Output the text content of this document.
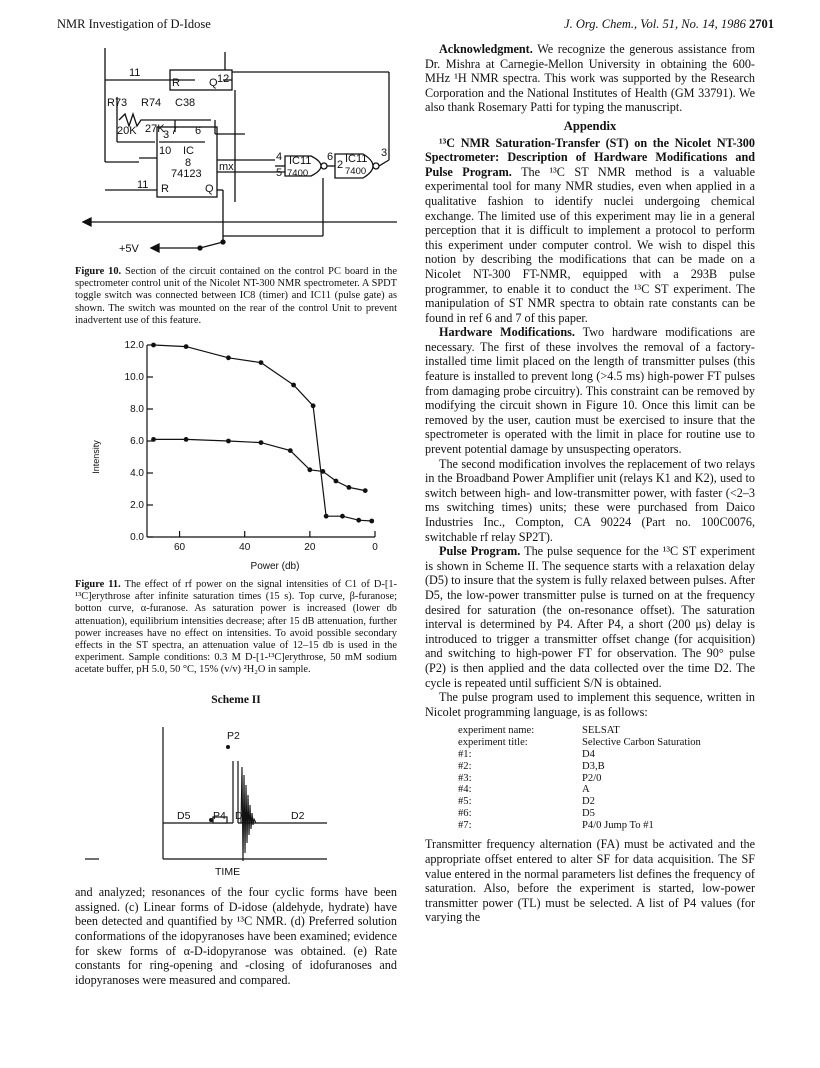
NMR Investigation of D-Idose	J. Org. Chem., Vol. 51, No. 14, 1986 2701
11
R	Q 12
R73 R74 C38
20K 27K 7 6
3
10 IC
8
74123
mx
11 R	Q
4
5
IC11
7400
6
2 IC11
7400
3
+5V

Figure 10. Section of the circuit contained on the control PC board in the spectrometer control unit of the Nicolet NT-300 NMR spectrometer. A SPDT toggle switch was connected between IC8 (timer) and IC11 (pulse gate) as shown. The switch was mounted on the rear of the control Unit to prevent inadvertent use of this feature.

0.0
2.0
4.0
6.0
8.0
10.0
12.0
60	40	20	0
Power (db)
Intensity

Figure 11. The effect of rf power on the signal intensities of C1 of D-[1-¹³C]erythrose after infinite saturation times (15 s). Top curve, β-furanose; botton curve, α-furanose. As saturation power is increased (lower db attenuation), equilibrium intensities decrease; after 15 dB attenuation, further power increases have no effect on intensities. To avoid possible secondary effects in the ST spectra, an attenuation value of 12–15 db is used in the experiment. Sample conditions: 0.3 M D-[1-¹³C]erythrose, 50 mM sodium acetate buffer, pH 5.0, 50 °C, 15% (v/v) ²H₂O in sample.

Scheme II

P2
D5 P4 D3	D2
TIME

and analyzed; resonances of the four cyclic forms have been assigned. (c) Linear forms of D-idose (aldehyde, hydrate) have been detected and quantified by ¹³C NMR. (d) Preferred solution conformations of the idopyranoses have been examined; evidence for skew forms of α-D-idopyranose was obtained. (e) Rate constants for ring-opening and -closing of idofuranoses and idopyranoses were measured and compared.

Acknowledgment. We recognize the generous assistance from Dr. Mishra at Carnegie-Mellon University in obtaining the 600-MHz ¹H NMR spectra. This work was supported by the Research Corporation and the National Institutes of Health (GM 33791). We also thank Rosemary Patti for typing the manuscript.

Appendix

¹³C NMR Saturation-Transfer (ST) on the Nicolet NT-300 Spectrometer: Description of Hardware Modifications and Pulse Program. The ¹³C ST NMR method is a valuable experimental tool for many NMR studies, even when applied in a qualitative fashion to identify nuclei undergoing chemical exchange. The limited use of this experiment may lie in a general perception that it is difficult to implement a protocol to perform this experiment under computer control. We wish to dispel this notion by describing the modifications that can be made on a Nicolet NT-300 FT-NMR, equipped with a 293B pulse programmer, to enable it to conduct the ¹³C ST experiment. The manipulation of ST NMR spectra to obtain rate constants can be found in ref 6 and 7 of this paper.

Hardware Modifications. Two hardware modifications are necessary. The first of these involves the removal of a factory-installed time limit placed on the length of transmitter pulses (this feature is installed to prevent long (>4.5 ms) high-power FT pulses from damaging probe circuitry). This constraint can be removed by modifying the circuit shown in Figure 10. Once this limit can be removed by the user, caution must be exercised to insure that the spectrometer is operated with the limit in place for routine use to prevent potential damage by unsuspecting operators.

The second modification involves the replacement of two relays in the Broadband Power Amplifier unit (relays K1 and K2), used to switch between high- and low-transmitter power, with faster (<2–3 ms switching times) units; these were purchased from Daico Industries Inc., Compton, CA 90224 (Part no. 100C0076, switchable rf relay SP2T).

Pulse Program. The pulse sequence for the ¹³C ST experiment is shown in Scheme II. The sequence starts with a relaxation delay (D5) to insure that the system is fully relaxed between pulses. After D5, the low-power transmitter pulse is turned on at the frequency desired for saturation (the on-resonance offset). The saturation interval is determined by P4. After P4, a short (200 μs) delay is introduced to trigger a transmitter offset change (for acquisition) and switching to high-power FT for observation. The 90° pulse (P2) is then applied and the data collected over the time D2. The cycle is repeated until sufficient S/N is obtained.

The pulse program used to implement this sequence, written in Nicolet programming language, is as follows:

experiment name:	SELSAT
experiment title:	Selective Carbon Saturation
#1:	D4
#2:	D3,B
#3:	P2/0
#4:	A
#5:	D2
#6:	D5
#7:	P4/0 Jump To #1

Transmitter frequency alternation (FA) must be activated and the appropriate offset entered to alter SF for data acquisition. The SF value entered in the normal parameters list defines the frequency of saturation. Also, before the experiment is started, low-power transmitter power (TL) must be selected. A list of P4 values (for varying the
